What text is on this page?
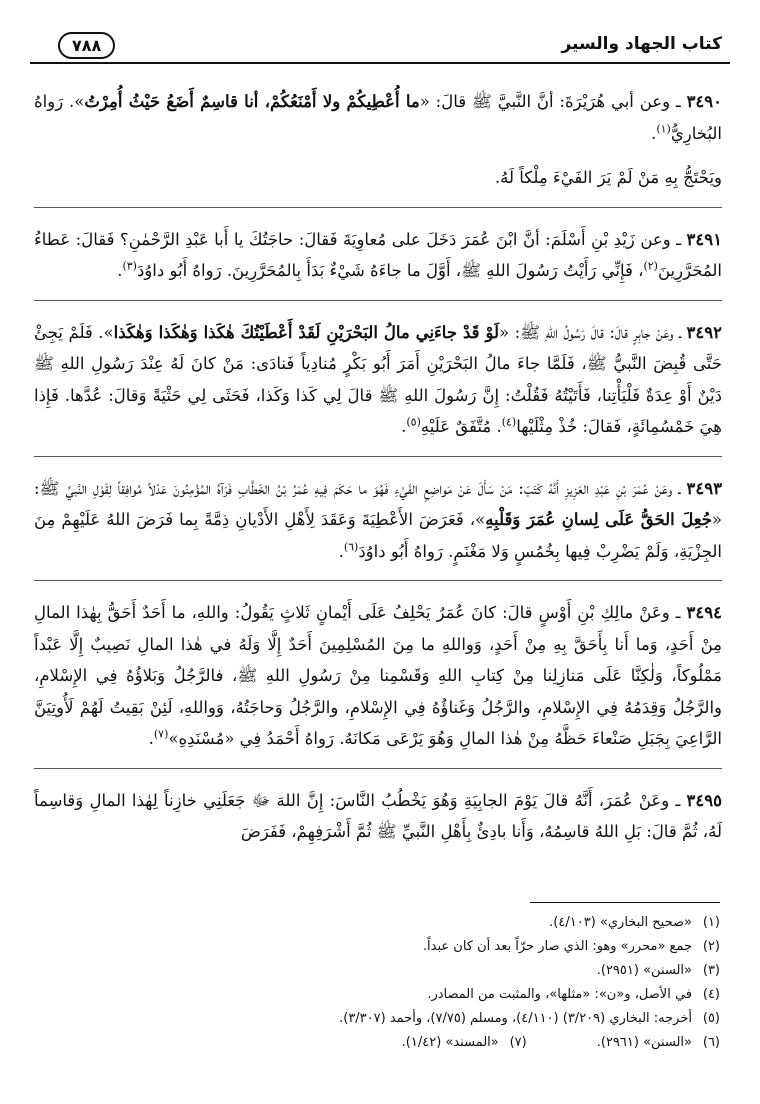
كتاب الجهاد والسير
٧٨٨

٣٤٩٠ ـ وعن أبي هُرَيْرَةَ: أنَّ النَّبيَّ ﷺ قالَ: «ما أُعْطِيكُمْ ولا أَمْنَعُكُمْ، أنا قاسِمٌ أَضَعُ حَيْثُ أُمِرْتُ». رَواهُ البُخارِيُّ$^{(١)}$.

ويَحْتَجُّ بِهِ مَنْ لَمْ يَرَ الفَيْءَ مِلْكاً لَهُ.

٣٤٩١ ـ وعن زَيْدِ بْنِ أَسْلَمَ: أنَّ ابْنَ عُمَرَ دَخَلَ على مُعاوِيَةَ فَقالَ: حاجَتُكَ يا أَبا عَبْدِ الرَّحْمٰنِ؟ فَقالَ: عَطاءُ المُحَرَّرِينَ$^{(٢)}$، فَإِنِّي رَأَيْتُ رَسُولَ اللهِ ﷺ، أَوَّلَ ما جاءَهُ شَيْءٌ بَدَأَ بِالمُحَرَّرِينَ. رَواهُ أَبُو داوُدَ$^{(٣)}$.

٣٤٩٢ ـ وعَنْ جابِرٍ قالَ: قالَ رَسُولُ اللهِ ﷺ: «لَوْ قَدْ جاءَنِي مالُ البَحْرَيْنِ لَقَدْ أَعْطَيْتُكَ هٰكَذا وَهٰكَذا وَهٰكَذا». فَلَمْ يَجِئْ حَتَّى قُبِضَ النَّبيُّ ﷺ، فَلَمَّا جاءَ مالُ البَحْرَيْنِ أَمَرَ أَبُو بَكْرٍ مُنادِياً فَنادَى: مَنْ كانَ لَهُ عِنْدَ رَسُولِ اللهِ ﷺ دَيْنٌ أَوْ عِدَةٌ فَلْيَأْتِنا، فَأَتَيْتُهُ فَقُلْتُ: إِنَّ رَسُولَ اللهِ ﷺ قالَ لِي كَذا وَكَذا، فَحَثَى لِي حَثْيَةً وَقالَ: عُدَّها. فَإِذا هِيَ خَمْسُمِائَةٍ، فَقالَ: خُذْ مِثْلَيْها$^{(٤)}$. مُتَّفَقٌ عَلَيْهِ$^{(٥)}$.

٣٤٩٣ ـ وعَنْ عُمَرَ بْنِ عَبْدِ العَزِيزِ أَنَّهُ كَتَبَ: مَنْ سَأَلَ عَنْ مَواضِعِ الفَيْءِ فَهُوَ ما حَكَمَ فِيهِ عُمَرُ بْنُ الخَطَّابِ فَرَآهُ المُؤْمِنُونَ عَدْلاً مُوافِقاً لِقَوْلِ النَّبيِّ ﷺ: «جُعِلَ الحَقُّ عَلَى لِسانِ عُمَرَ وَقَلْبِهِ»، فَعَرَضَ الأَعْطِيَةَ وَعَقَدَ لِأَهْلِ الأَدْيانِ ذِمَّةً بِما فَرَضَ اللهُ عَلَيْهِمْ مِنَ الجِزْيَةِ، وَلَمْ يَضْرِبْ فِيها بِخُمُسٍ وَلا مَغْنَمٍ. رَواهُ أَبُو داوُدَ$^{(٦)}$.

٣٤٩٤ ـ وعَنْ مالِكِ بْنِ أَوْسٍ قالَ: كانَ عُمَرُ يَحْلِفُ عَلَى أَيْمانٍ ثَلاثٍ يَقُولُ: واللهِ، ما أَحَدٌ أَحَقُّ بِهٰذا المالِ مِنْ أَحَدٍ، وَما أَنا بِأَحَقَّ بِهِ مِنْ أَحَدٍ، وَواللهِ ما مِنَ المُسْلِمِينَ أَحَدٌ إِلَّا وَلَهُ في هٰذا المالِ نَصِيبٌ إِلَّا عَبْداً مَمْلُوكاً، وَلٰكِنَّا عَلَى مَنازِلِنا مِنْ كِتابِ اللهِ وَقَسْمِنا مِنْ رَسُولِ اللهِ ﷺ، فالرَّجُلُ وَبَلاؤُهُ فِي الإِسْلامِ، والرَّجُلُ وَقِدَمُهُ فِي الإِسْلامِ، والرَّجُلُ وَغَناؤُهُ فِي الإِسْلامِ، والرَّجُلُ وَحاجَتُهُ، وَواللهِ، لَئِنْ بَقِيتُ لَهُمْ لَأُوتِيَنَّ الرَّاعِيَ بِجَبَلِ صَنْعاءَ حَظَّهُ مِنْ هٰذا المالِ وَهُوَ يَرْعَى مَكانَهُ. رَواهُ أَحْمَدُ فِي «مُسْنَدِهِ»$^{(٧)}$.

٣٤٩٥ ـ وعَنْ عُمَرَ، أَنَّهُ قالَ يَوْمَ الجابِيَةِ وَهُوَ يَخْطُبُ النَّاسَ: إِنَّ اللهَ ﷻ جَعَلَنِي خازِناً لِهٰذا المالِ وَقاسِماً لَهُ، ثُمَّ قالَ: بَلِ اللهُ قاسِمُهُ، وَأَنا بادِئٌ بِأَهْلِ النَّبيِّ ﷺ ثُمَّ أَشْرَفِهِمْ، فَفَرَضَ

(١)«صحيح البخاري» (٤/١٠٣).
(٢)جمع «محرر» وهو: الذي صار حرّاً بعد أن كان عبداً.
(٣)«السنن» (٢٩٥١).
(٤)في الأصل، و«ن»: «مثلها»، والمثبت من المصادر.
(٥)أخرجه: البخاري (٣/٢٠٩) (٤/١١٠)، ومسلم (٧/٧٥)، وأحمد (٣/٣٠٧).
(٦)«السنن» (٢٩٦١).(٧)«المسند» (١/٤٢).
